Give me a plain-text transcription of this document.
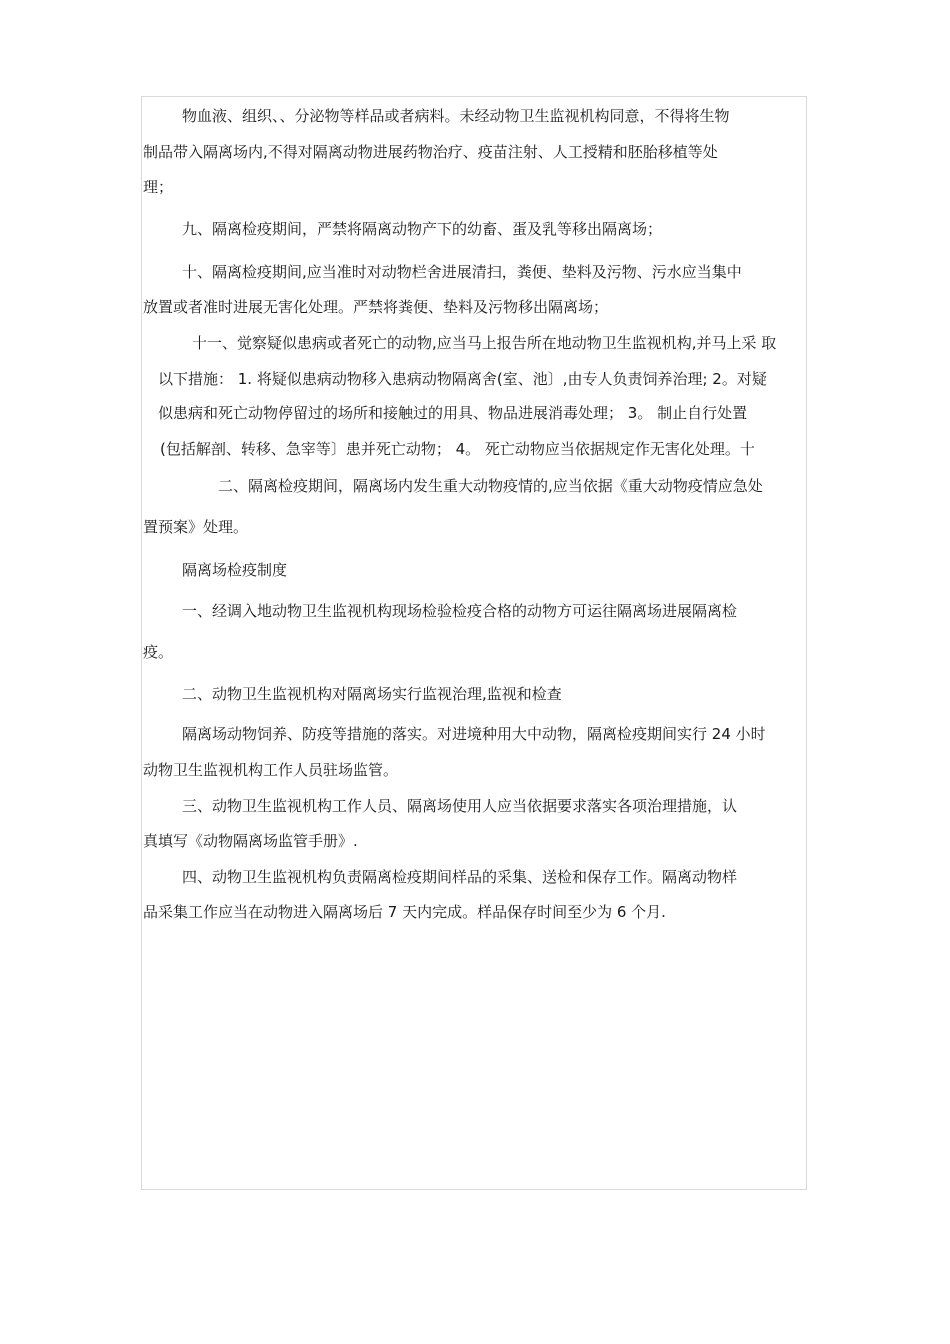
物血液、组织、、分泌物等样品或者病料。未经动物卫生监视机构同意，不得将生物
制品带入隔离场内,不得对隔离动物进展药物治疗、疫苗注射、人工授精和胚胎移植等处
理；
九、隔离检疫期间，严禁将隔离动物产下的幼畜、蛋及乳等移出隔离场；
十、隔离检疫期间,应当准时对动物栏舍进展清扫，粪便、垫料及污物、污水应当集中
放置或者准时进展无害化处理。严禁将粪便、垫料及污物移出隔离场；
十一、觉察疑似患病或者死亡的动物,应当马上报告所在地动物卫生监视机构,并马上采 取
以下措施： 1. 将疑似患病动物移入患病动物隔离舍(室、池〕,由专人负责饲养治理; 2。对疑
似患病和死亡动物停留过的场所和接触过的用具、物品进展消毒处理； 3。 制止自行处置
(包括解剖、转移、急宰等〕患并死亡动物； 4。 死亡动物应当依据规定作无害化处理。十
二、隔离检疫期间，隔离场内发生重大动物疫情的,应当依据《重大动物疫情应急处
置预案》处理。
隔离场检疫制度
一、经调入地动物卫生监视机构现场检验检疫合格的动物方可运往隔离场进展隔离检
疫。
二、动物卫生监视机构对隔离场实行监视治理,监视和检查
隔离场动物饲养、防疫等措施的落实。对进境种用大中动物，隔离检疫期间实行 24 小时
动物卫生监视机构工作人员驻场监管。
三、动物卫生监视机构工作人员、隔离场使用人应当依据要求落实各项治理措施，认
真填写《动物隔离场监管手册》.
四、动物卫生监视机构负责隔离检疫期间样品的采集、送检和保存工作。隔离动物样
品采集工作应当在动物进入隔离场后 7 天内完成。样品保存时间至少为 6 个月.
